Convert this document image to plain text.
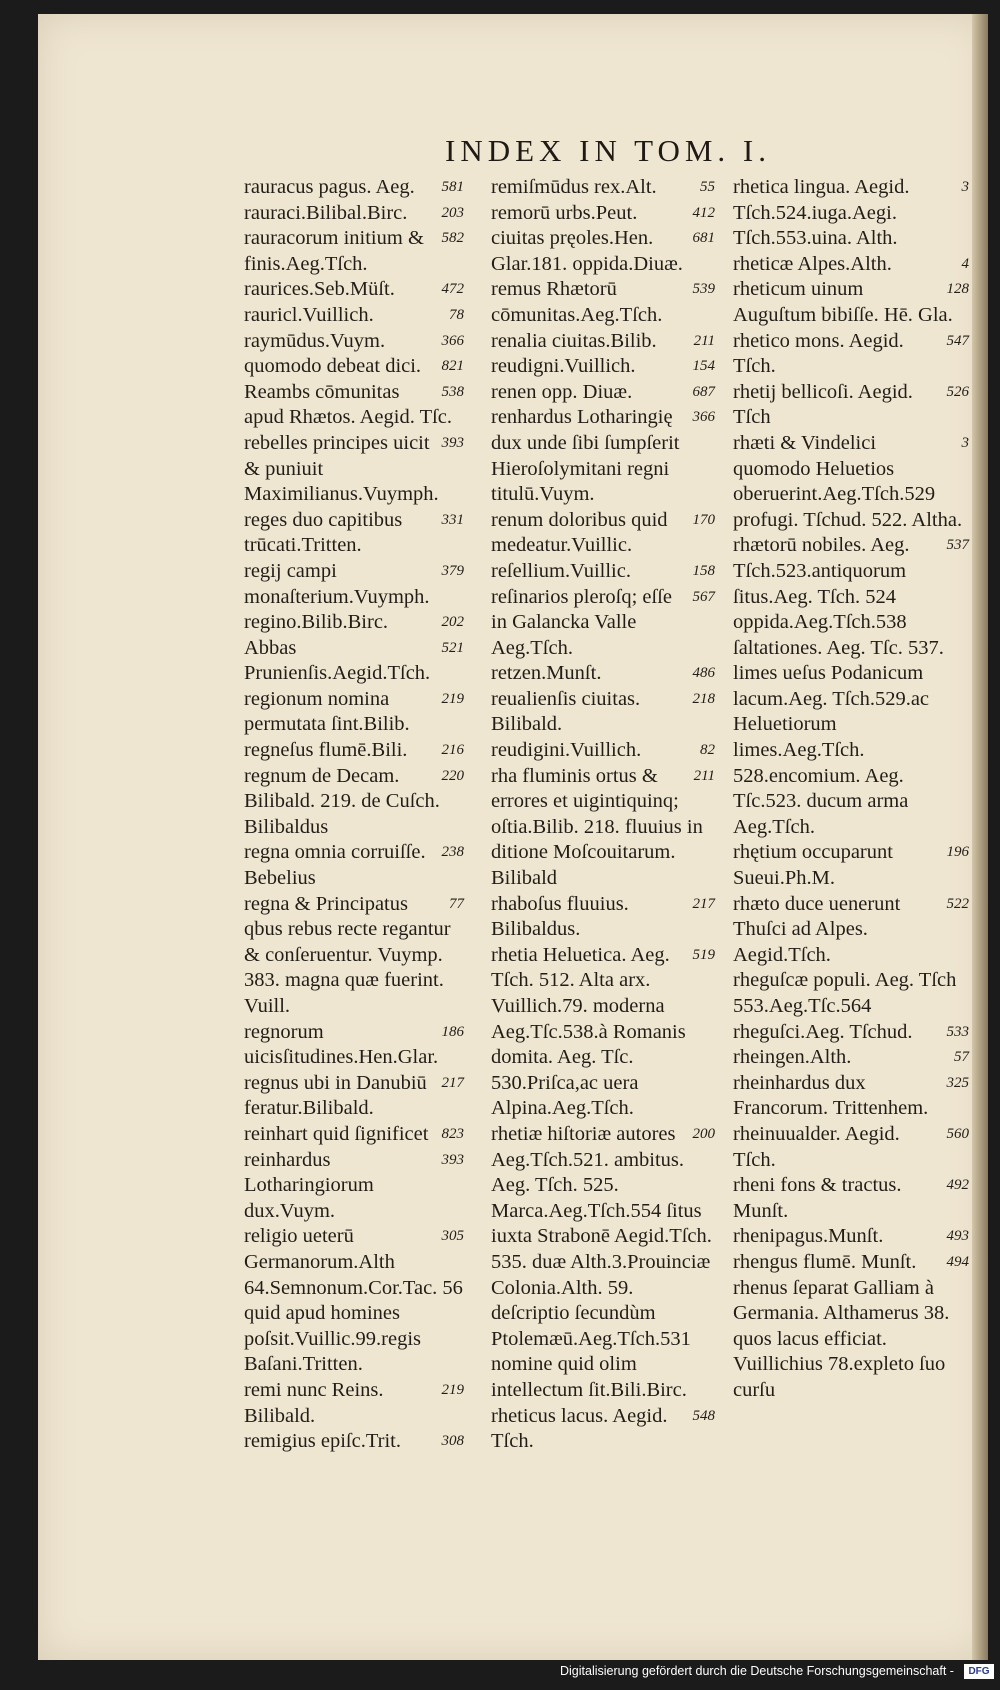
INDEX IN TOM. I.
581
rauracus pagus. Aeg.
203
rauraci.Bilibal.Birc.
582
rauracorum initium & finis.Aeg.Tſch.
472
raurices.Seb.Müſt.
78
rauricl.Vuillich.
366
raymūdus.Vuym.
821
quomodo debeat dici.
538
Reambs cōmunitas apud Rhætos. Aegid. Tſc.
393
rebelles principes uicit & puniuit Maximilianus.Vuymph.
331
reges duo capitibus trūcati.Tritten.
379
regij campi monaſterium.Vuymph.
202
regino.Bilib.Birc.
521
Abbas Prunienſis.Aegid.Tſch.
219
regionum nomina permutata ſint.Bilib.
216
regneſus flumē.Bili.
220
regnum de Decam. Bilibald. 219. de Cuſch. Bilibaldus
238
regna omnia corruiſſe. Bebelius
77
regna & Principatus qbus rebus recte regantur & conſeruentur. Vuymp. 383. magna quæ fuerint. Vuill.
186
regnorum uicisſitudines.Hen.Glar.
217
regnus ubi in Danubiū feratur.Bilibald.
823
reinhart quid ſignificet
393
reinhardus Lotharingiorum dux.Vuym.
305
religio ueterū Germanorum.Alth 64.Semnonum.Cor.Tac. 56 quid apud homines poſsit.Vuillic.99.regis Baſani.Tritten.
219
remi nunc Reins. Bilibald.
308
remigius epiſc.Trit.
55
remiſmūdus rex.Alt.
412
remorū urbs.Peut.
681
ciuitas pręoles.Hen. Glar.181. oppida.Diuæ.
539
remus Rhætorū cōmunitas.Aeg.Tſch.
211
renalia ciuitas.Bilib.
154
reudigni.Vuillich.
687
renen opp. Diuæ.
366
renhardus Lotharingię dux unde ſibi ſumpſerit Hieroſolymitani regni titulū.Vuym.
170
renum doloribus quid medeatur.Vuillic.
158
reſellium.Vuillic.
567
reſinarios pleroſq; eſſe in Galancka Valle Aeg.Tſch.
486
retzen.Munſt.
218
reualienſis ciuitas. Bilibald.
82
reudigini.Vuillich.
211
rha fluminis ortus & errores et uigintiquinq; oſtia.Bilib. 218. fluuius in ditione Moſcouitarum. Bilibald
217
rhaboſus fluuius. Bilibaldus.
519
rhetia Heluetica. Aeg. Tſch. 512. Alta arx. Vuillich.79. moderna Aeg.Tſc.538.à Romanis domita. Aeg. Tſc. 530.Priſca,ac uera Alpina.Aeg.Tſch.
200
rhetiæ hiſtoriæ autores Aeg.Tſch.521. ambitus. Aeg. Tſch. 525. Marca.Aeg.Tſch.554 ſitus iuxta Strabonē Aegid.Tſch. 535. duæ Alth.3.Prouinciæ Colonia.Alth. 59. deſcriptio ſecundùm Ptolemæū.Aeg.Tſch.531 nomine quid olim intellectum ſit.Bili.Birc.
548
rheticus lacus. Aegid. Tſch.
3
rhetica lingua. Aegid. Tſch.524.iuga.Aegi. Tſch.553.uina. Alth.
4
rheticæ Alpes.Alth.
128
rheticum uinum Auguſtum bibiſſe. Hē. Gla.
547
rhetico mons. Aegid. Tſch.
526
rhetij bellicoſi. Aegid. Tſch
3
rhæti & Vindelici quomodo Heluetios oberuerint.Aeg.Tſch.529 profugi. Tſchud. 522. Altha.
537
rhætorū nobiles. Aeg. Tſch.523.antiquorum ſitus.Aeg. Tſch. 524 oppida.Aeg.Tſch.538 ſaltationes. Aeg. Tſc. 537. limes ueſus Podanicum lacum.Aeg. Tſch.529.ac Heluetiorum limes.Aeg.Tſch. 528.encomium. Aeg. Tſc.523. ducum arma Aeg.Tſch.
196
rhętium occuparunt Sueui.Ph.M.
522
rhæto duce uenerunt Thuſci ad Alpes. Aegid.Tſch.
rheguſcæ populi. Aeg. Tſch 553.Aeg.Tſc.564
533
rheguſci.Aeg. Tſchud.
57
rheingen.Alth.
325
rheinhardus dux Francorum. Trittenhem.
560
rheinuualder. Aegid. Tſch.
492
rheni fons & tractus. Munſt.
493
rhenipagus.Munſt.
494
rhengus flumē. Munſt.
rhenus ſeparat Galliam à Germania. Althamerus 38. quos lacus efficiat. Vuillichius 78.expleto ſuo curſu
Digitalisierung gefördert durch die Deutsche Forschungsgemeinschaft -	DFG
